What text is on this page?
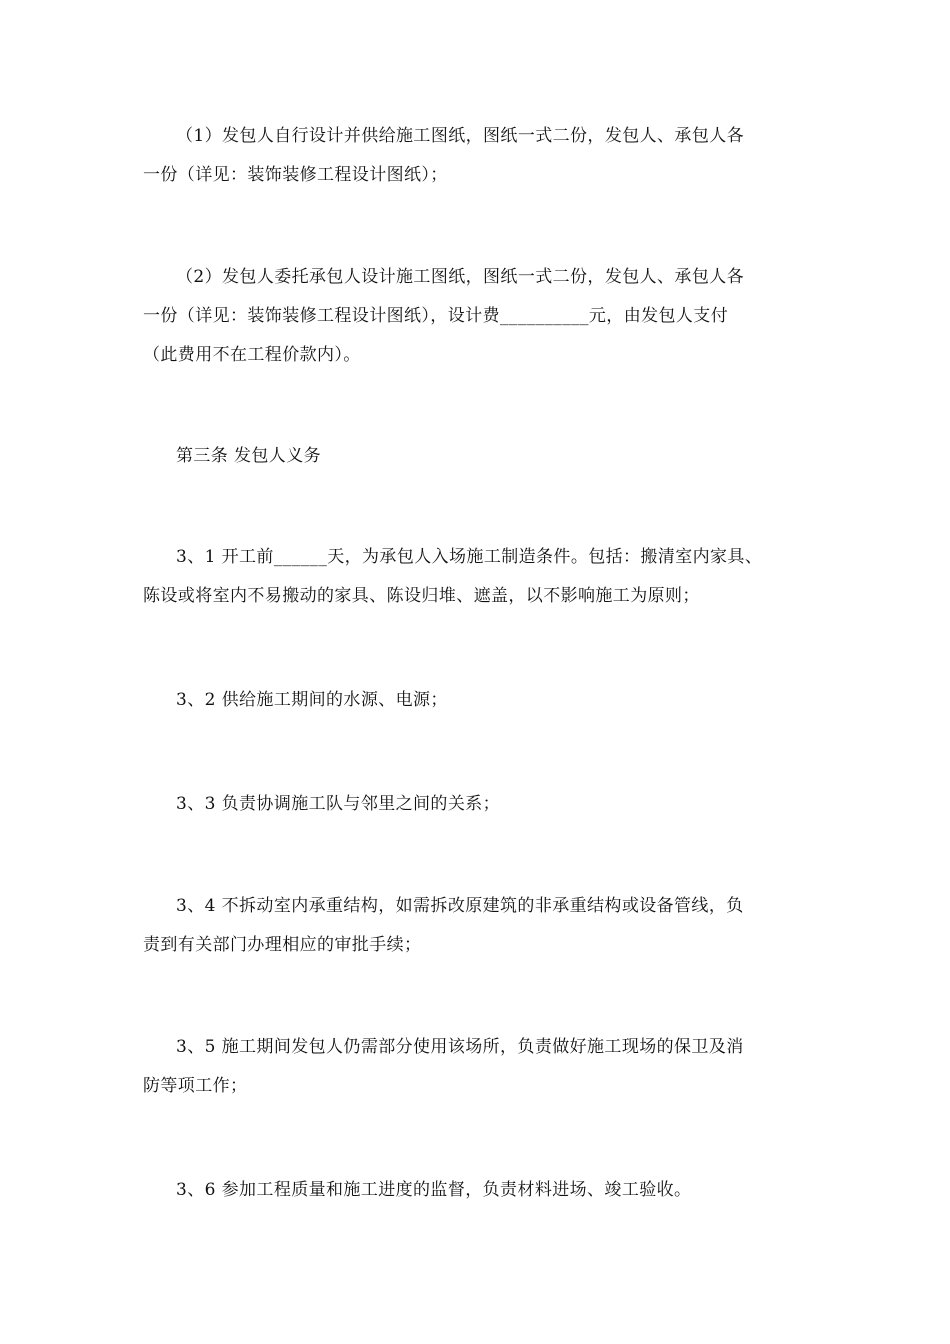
（1）发包人自行设计并供给施工图纸，图纸一式二份，发包人、承包人各
一份（详见：装饰装修工程设计图纸）；

（2）发包人委托承包人设计施工图纸，图纸一式二份，发包人、承包人各
一份（详见：装饰装修工程设计图纸），设计费__________元，由发包人支付
（此费用不在工程价款内）。

第三条 发包人义务

3、1 开工前______天，为承包人入场施工制造条件。包括：搬清室内家具、
陈设或将室内不易搬动的家具、陈设归堆、遮盖，以不影响施工为原则；

3、2 供给施工期间的水源、电源；

3、3 负责协调施工队与邻里之间的关系；

3、4 不拆动室内承重结构，如需拆改原建筑的非承重结构或设备管线，负
责到有关部门办理相应的审批手续；

3、5 施工期间发包人仍需部分使用该场所，负责做好施工现场的保卫及消
防等项工作；

3、6 参加工程质量和施工进度的监督，负责材料进场、竣工验收。
